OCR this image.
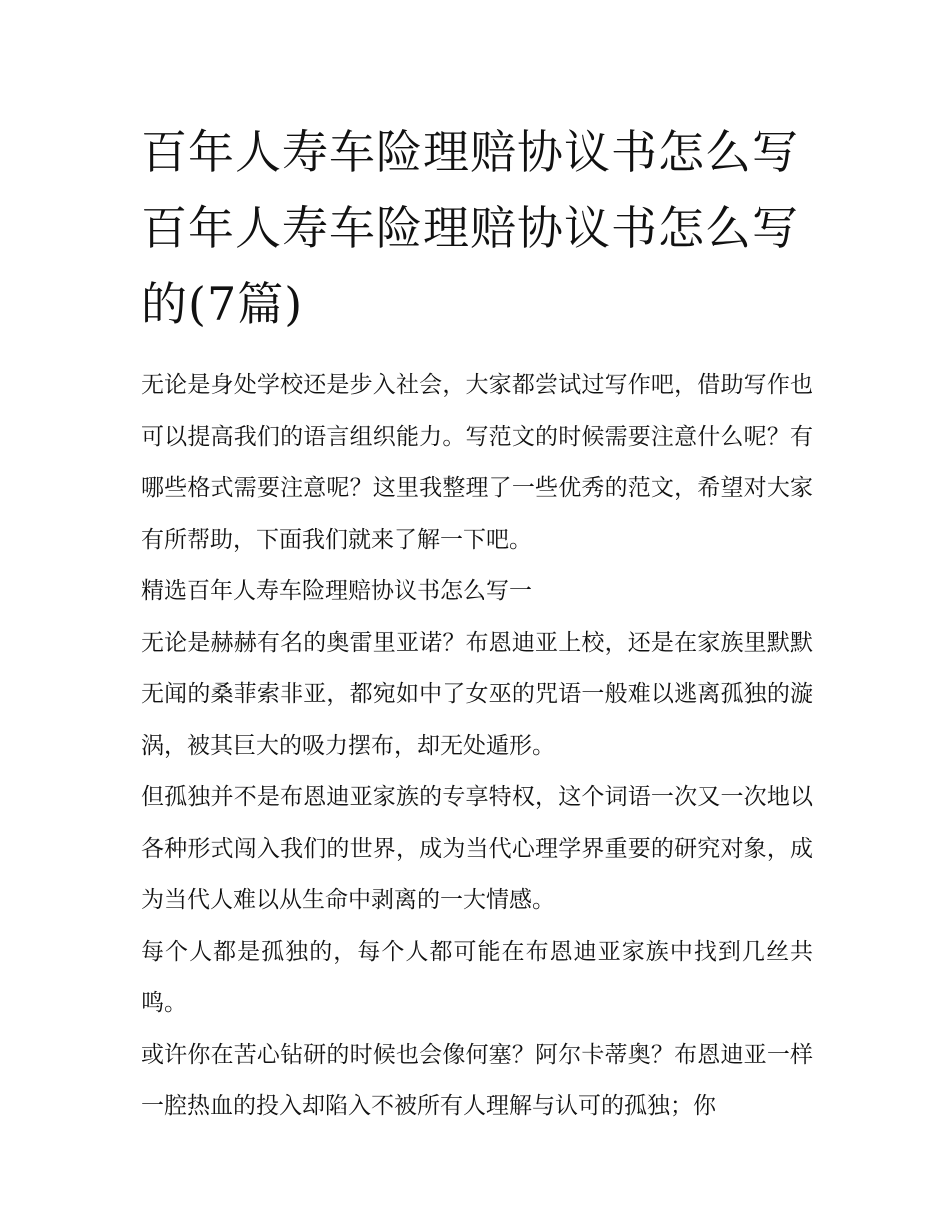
百年人寿车险理赔协议书怎么写 百年人寿车险理赔协议书怎么写的(7篇)

无论是身处学校还是步入社会，大家都尝试过写作吧，借助写作也可以提高我们的语言组织能力。写范文的时候需要注意什么呢？有哪些格式需要注意呢？这里我整理了一些优秀的范文，希望对大家有所帮助，下面我们就来了解一下吧。

精选百年人寿车险理赔协议书怎么写一

无论是赫赫有名的奥雷里亚诺？布恩迪亚上校，还是在家族里默默无闻的桑菲索非亚，都宛如中了女巫的咒语一般难以逃离孤独的漩涡，被其巨大的吸力摆布，却无处遁形。

但孤独并不是布恩迪亚家族的专享特权，这个词语一次又一次地以各种形式闯入我们的世界，成为当代心理学界重要的研究对象，成为当代人难以从生命中剥离的一大情感。

每个人都是孤独的，每个人都可能在布恩迪亚家族中找到几丝共鸣。

或许你在苦心钻研的时候也会像何塞？阿尔卡蒂奥？布恩迪亚一样一腔热血的投入却陷入不被所有人理解与认可的孤独；你
